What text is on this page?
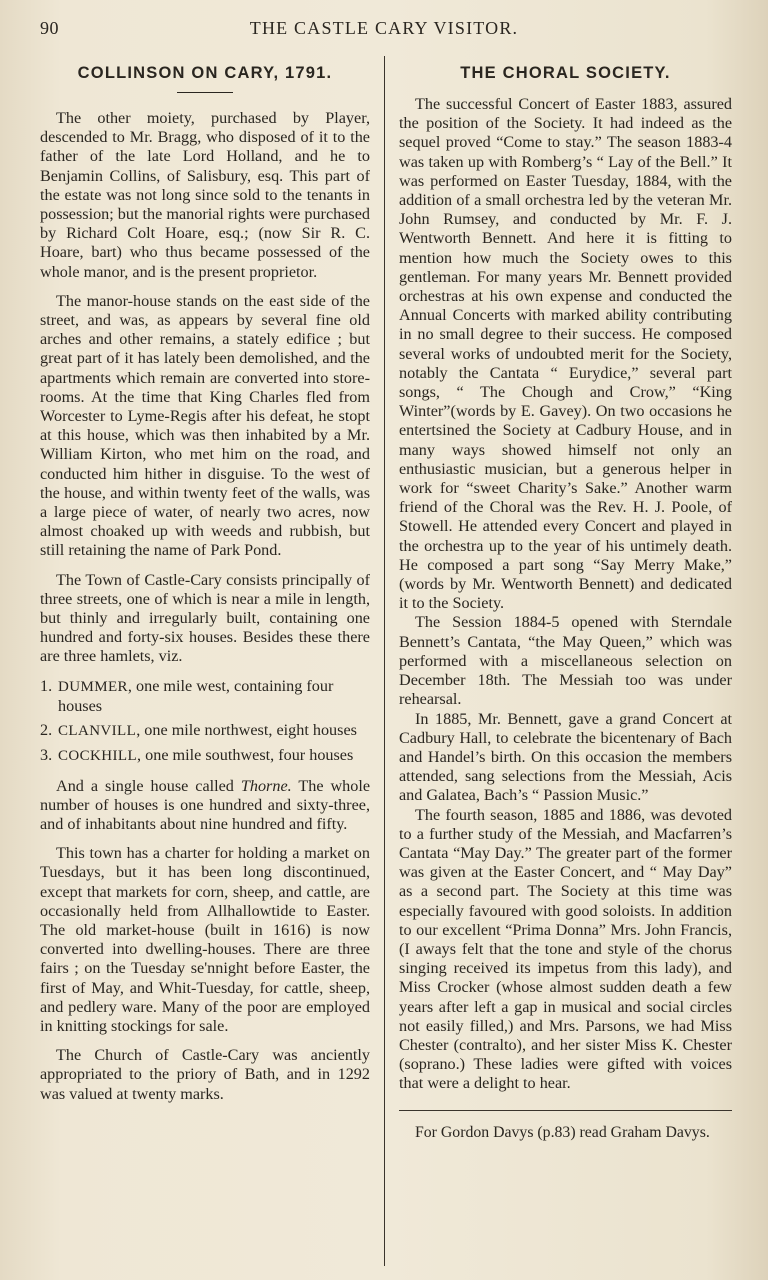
90	THE CASTLE CARY VISITOR.
COLLINSON ON CARY, 1791.

The other moiety, purchased by Player, descended to Mr. Bragg, who disposed of it to the father of the late Lord Holland, and he to Benjamin Collins, of Salisbury, esq. This part of the estate was not long since sold to the tenants in possession; but the manorial rights were purchased by Richard Colt Hoare, esq.; (now Sir R. C. Hoare, bart) who thus became possessed of the whole manor, and is the present proprietor.

The manor-house stands on the east side of the street, and was, as appears by several fine old arches and other remains, a stately edifice ; but great part of it has lately been demolished, and the apartments which remain are converted into store-rooms. At the time that King Charles fled from Worcester to Lyme-Regis after his defeat, he stopt at this house, which was then inhabited by a Mr. William Kirton, who met him on the road, and conducted him hither in disguise. To the west of the house, and within twenty feet of the walls, was a large piece of water, of nearly two acres, now almost choaked up with weeds and rubbish, but still retaining the name of Park Pond.

The Town of Castle-Cary consists principally of three streets, one of which is near a mile in length, but thinly and irregularly built, containing one hundred and forty-six houses. Besides these there are three hamlets, viz.

1. DUMMER, one mile west, containing four houses
2. CLANVILL, one mile northwest, eight houses
3. COCKHILL, one mile southwest, four houses

And a single house called Thorne. The whole number of houses is one hundred and sixty-three, and of inhabitants about nine hundred and fifty.

This town has a charter for holding a market on Tuesdays, but it has been long discontinued, except that markets for corn, sheep, and cattle, are occasionally held from Allhallowtide to Easter. The old market-house (built in 1616) is now converted into dwelling-houses. There are three fairs ; on the Tuesday se'nnight before Easter, the first of May, and Whit-Tuesday, for cattle, sheep, and pedlery ware. Many of the poor are employed in knitting stockings for sale.

The Church of Castle-Cary was anciently appropriated to the priory of Bath, and in 1292 was valued at twenty marks.

THE CHORAL SOCIETY.

The successful Concert of Easter 1883, assured the position of the Society. It had indeed as the sequel proved “Come to stay.” The season 1883-4 was taken up with Romberg’s “ Lay of the Bell.” It was performed on Easter Tuesday, 1884, with the addition of a small orchestra led by the veteran Mr. John Rumsey, and conducted by Mr. F. J. Wentworth Bennett. And here it is fitting to mention how much the Society owes to this gentleman. For many years Mr. Bennett provided orchestras at his own expense and conducted the Annual Concerts with marked ability contributing in no small degree to their success. He composed several works of undoubted merit for the Society, notably the Cantata “ Eurydice,” several part songs, “ The Chough and Crow,” “King Winter”(words by E. Gavey). On two occasions he entertsined the Society at Cadbury House, and in many ways showed himself not only an enthusiastic musician, but a generous helper in work for “sweet Charity’s Sake.” Another warm friend of the Choral was the Rev. H. J. Poole, of Stowell. He attended every Concert and played in the orchestra up to the year of his untimely death. He composed a part song “Say Merry Make,” (words by Mr. Wentworth Bennett) and dedicated it to the Society.

The Session 1884-5 opened with Sterndale Bennett’s Cantata, “the May Queen,” which was performed with a miscellaneous selection on December 18th. The Messiah too was under rehearsal.

In 1885, Mr. Bennett, gave a grand Concert at Cadbury Hall, to celebrate the bicentenary of Bach and Handel’s birth. On this occasion the members attended, sang selections from the Messiah, Acis and Galatea, Bach’s “ Passion Music.”

The fourth season, 1885 and 1886, was devoted to a further study of the Messiah, and Macfarren’s Cantata “May Day.” The greater part of the former was given at the Easter Concert, and “ May Day” as a second part. The Society at this time was especially favoured with good soloists. In addition to our excellent “Prima Donna” Mrs. John Francis, (I aways felt that the tone and style of the chorus singing received its impetus from this lady), and Miss Crocker (whose almost sudden death a few years after left a gap in musical and social circles not easily filled,) and Mrs. Parsons, we had Miss Chester (contralto), and her sister Miss K. Chester (soprano.) These ladies were gifted with voices that were a delight to hear.

For Gordon Davys (p.83) read Graham Davys.
